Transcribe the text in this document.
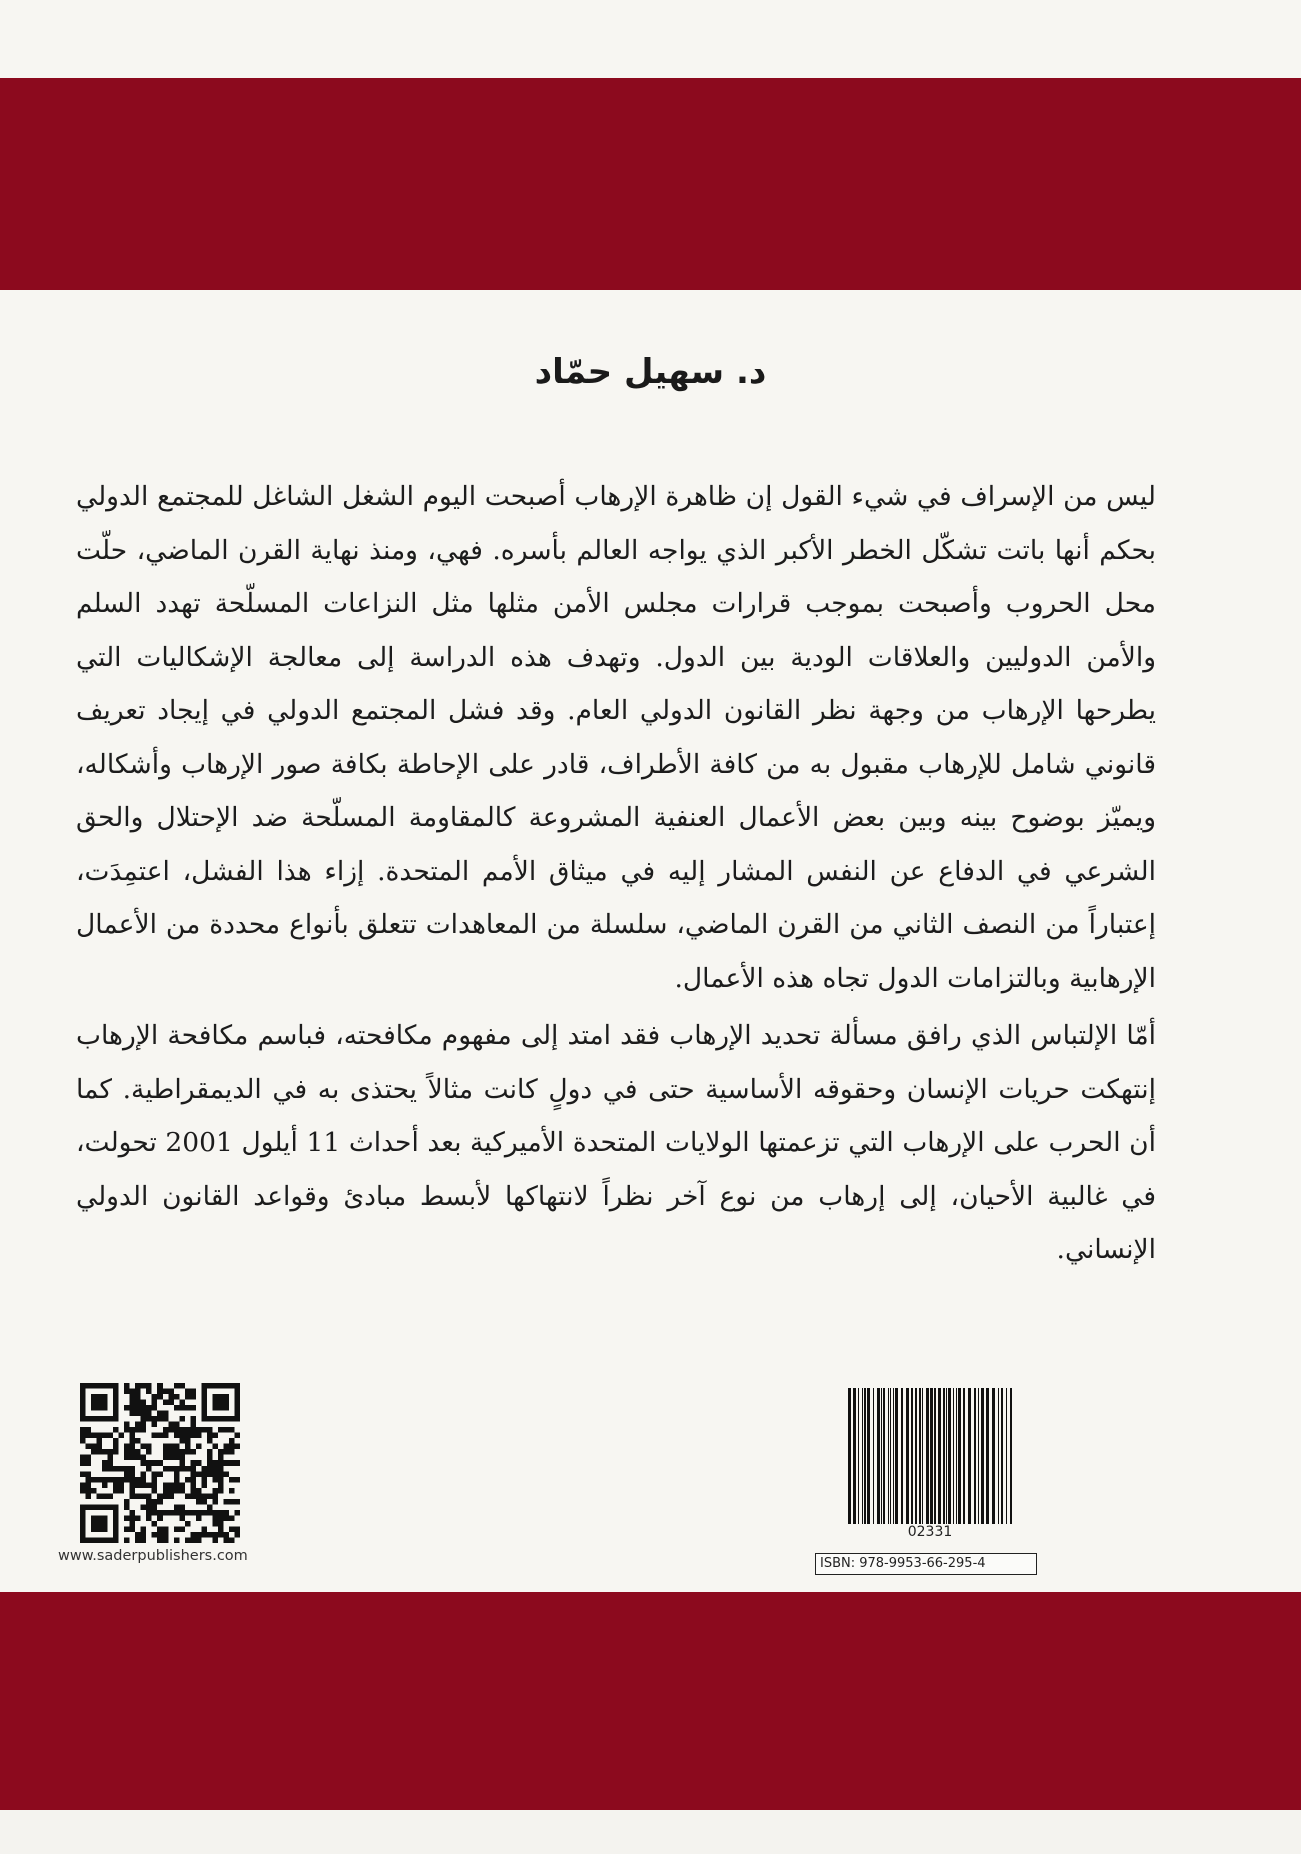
د. سهيل حمّاد

ليس من الإسراف في شيء القول إن ظاهرة الإرهاب أصبحت اليوم الشغل الشاغل للمجتمع الدولي بحكم أنها باتت تشكّل الخطر الأكبر الذي يواجه العالم بأسره. فهي، ومنذ نهاية القرن الماضي، حلّت محل الحروب وأصبحت بموجب قرارات مجلس الأمن مثلها مثل النزاعات المسلّحة تهدد السلم والأمن الدوليين والعلاقات الودية بين الدول. وتهدف هذه الدراسة إلى معالجة الإشكاليات التي يطرحها الإرهاب من وجهة نظر القانون الدولي العام. وقد فشل المجتمع الدولي في إيجاد تعريف قانوني شامل للإرهاب مقبول به من كافة الأطراف، قادر على الإحاطة بكافة صور الإرهاب وأشكاله، ويميّز بوضوح بينه وبين بعض الأعمال العنفية المشروعة كالمقاومة المسلّحة ضد الإحتلال والحق الشرعي في الدفاع عن النفس المشار إليه في ميثاق الأمم المتحدة. إزاء هذا الفشل، اعتمِدَت، إعتباراً من النصف الثاني من القرن الماضي، سلسلة من المعاهدات تتعلق بأنواع محددة من الأعمال الإرهابية وبالتزامات الدول تجاه هذه الأعمال.

أمّا الإلتباس الذي رافق مسألة تحديد الإرهاب فقد امتد إلى مفهوم مكافحته، فباسم مكافحة الإرهاب إنتهكت حريات الإنسان وحقوقه الأساسية حتى في دولٍ كانت مثالاً يحتذى به في الديمقراطية. كما أن الحرب على الإرهاب التي تزعمتها الولايات المتحدة الأميركية بعد أحداث 11 أيلول 2001 تحولت، في غالبية الأحيان، إلى إرهاب من نوع آخر نظراً لانتهاكها لأبسط مبادئ وقواعد القانون الدولي الإنساني.

www.saderpublishers.com
02331
ISBN: 978-9953-66-295-4
